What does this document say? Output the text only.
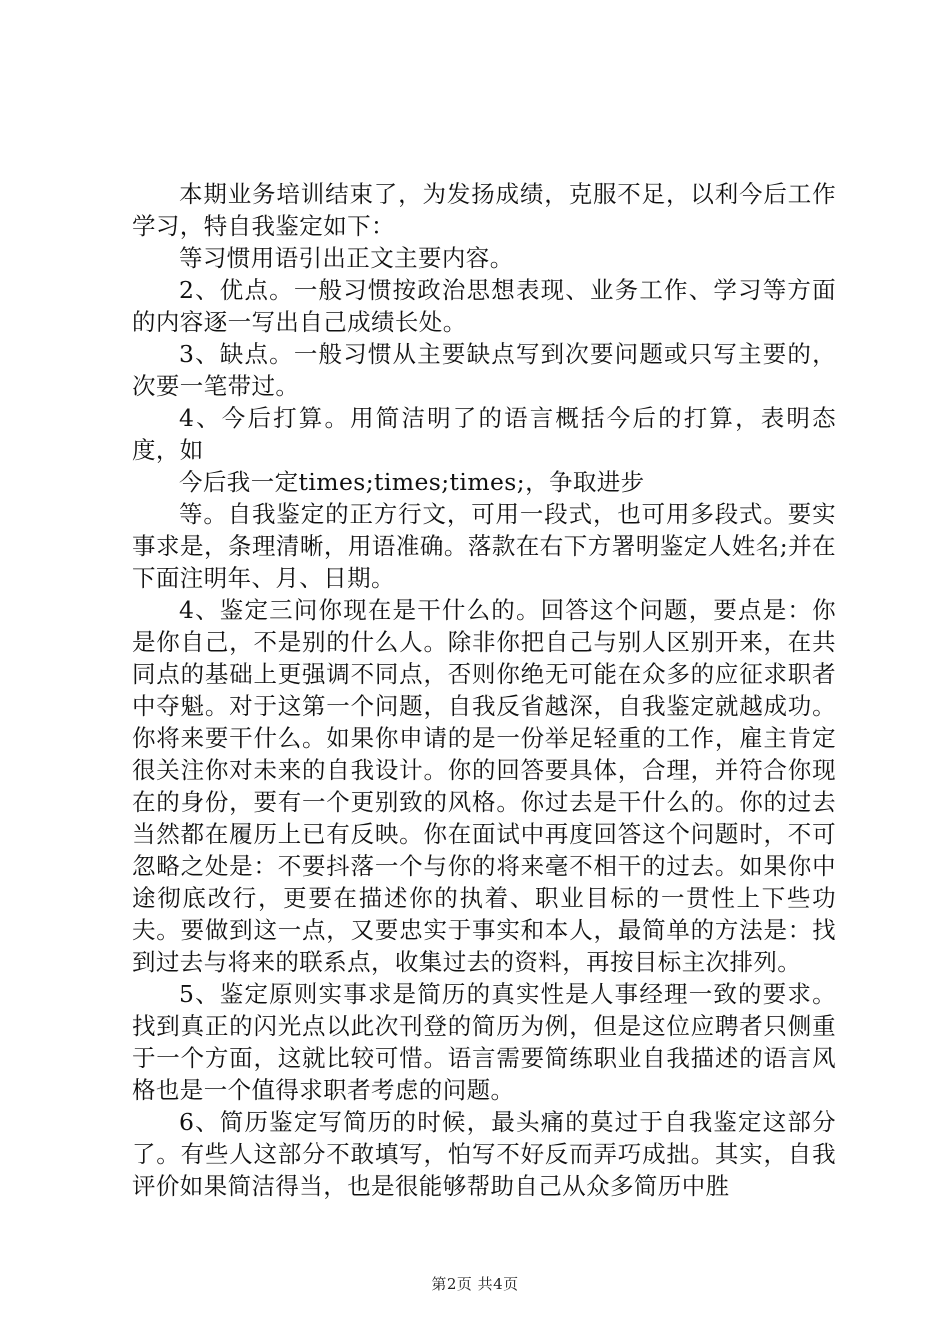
本期业务培训结束了，为发扬成绩，克服不足，以利今后工作学习，特自我鉴定如下：

等习惯用语引出正文主要内容。

2、优点。一般习惯按政治思想表现、业务工作、学习等方面的内容逐一写出自己成绩长处。

3、缺点。一般习惯从主要缺点写到次要问题或只写主要的，次要一笔带过。

4、今后打算。用简洁明了的语言概括今后的打算，表明态度，如

今后我一定times;times;times;，争取进步

等。自我鉴定的正方行文，可用一段式，也可用多段式。要实事求是，条理清晰，用语准确。落款在右下方署明鉴定人姓名;并在下面注明年、月、日期。

4、鉴定三问你现在是干什么的。回答这个问题，要点是：你是你自己，不是别的什么人。除非你把自己与别人区别开来，在共同点的基础上更强调不同点，否则你绝无可能在众多的应征求职者中夺魁。对于这第一个问题，自我反省越深，自我鉴定就越成功。你将来要干什么。如果你申请的是一份举足轻重的工作，雇主肯定很关注你对未来的自我设计。你的回答要具体，合理，并符合你现在的身份，要有一个更别致的风格。你过去是干什么的。你的过去当然都在履历上已有反映。你在面试中再度回答这个问题时，不可忽略之处是：不要抖落一个与你的将来毫不相干的过去。如果你中途彻底改行，更要在描述你的执着、职业目标的一贯性上下些功夫。要做到这一点，又要忠实于事实和本人，最简单的方法是：找到过去与将来的联系点，收集过去的资料，再按目标主次排列。

5、鉴定原则实事求是简历的真实性是人事经理一致的要求。找到真正的闪光点以此次刊登的简历为例，但是这位应聘者只侧重于一个方面，这就比较可惜。语言需要简练职业自我描述的语言风格也是一个值得求职者考虑的问题。

6、简历鉴定写简历的时候，最头痛的莫过于自我鉴定这部分了。有些人这部分不敢填写，怕写不好反而弄巧成拙。其实，自我评价如果简洁得当，也是很能够帮助自己从众多简历中胜

第2页 共4页
